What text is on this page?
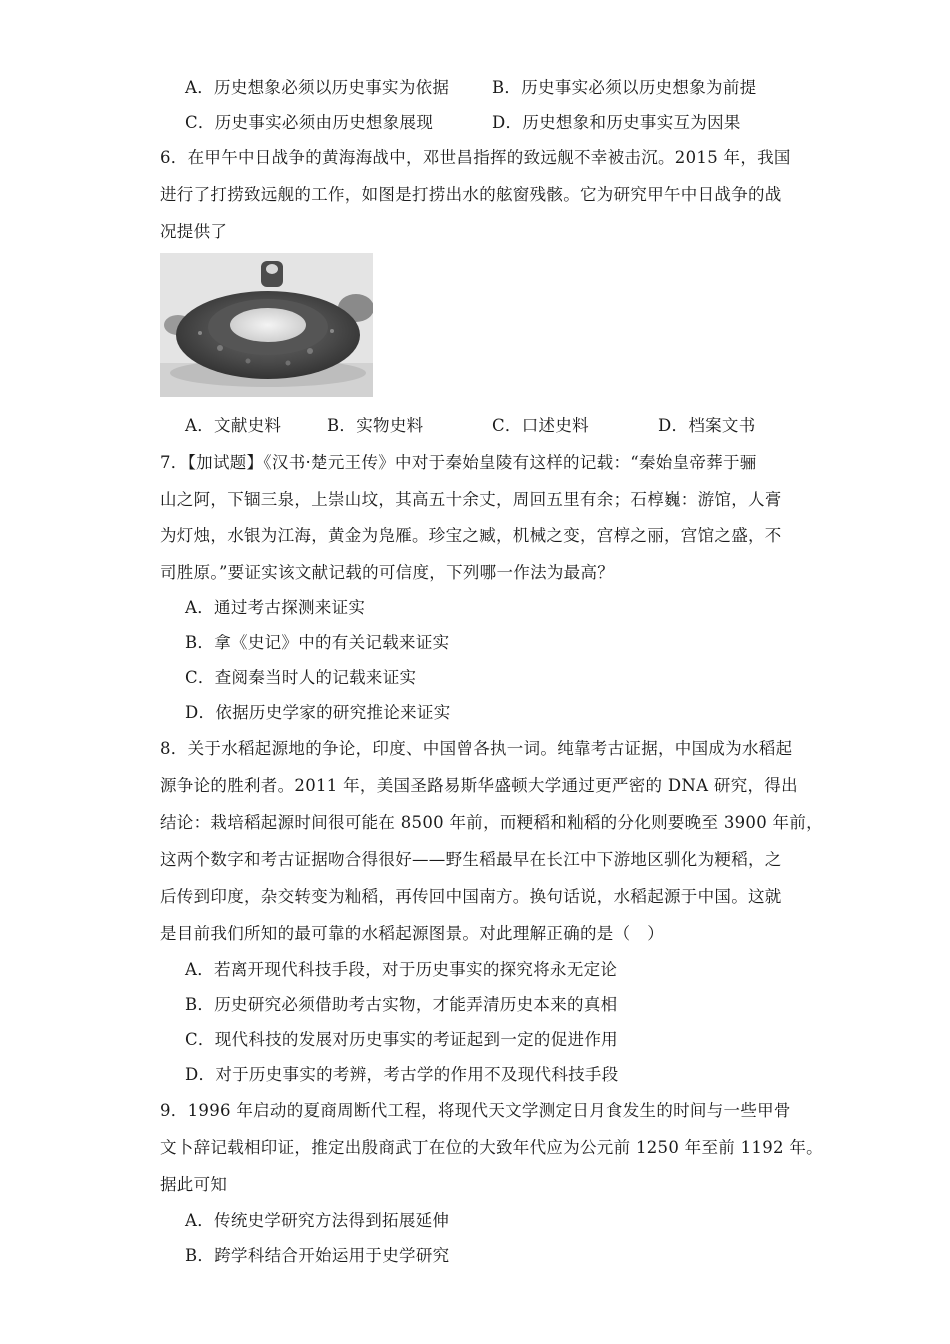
A．历史想象必须以历史事实为依据	B．历史事实必须以历史想象为前提
C．历史事实必须由历史想象展现	D．历史想象和历史事实互为因果
6．在甲午中日战争的黄海海战中，邓世昌指挥的致远舰不幸被击沉。2015 年，我国
进行了打捞致远舰的工作，如图是打捞出水的舷窗残骸。它为研究甲午中日战争的战
况提供了
A．文献史料	B．实物史料	C．口述史料	D．档案文书
7．【加试题】《汉书·楚元王传》中对于秦始皇陵有这样的记载：“秦始皇帝葬于骊
山之阿，下锢三泉，上崇山坟，其高五十余丈，周回五里有余；石椁巍：游馆，人膏
为灯烛，水银为江海，黄金为凫雁。珍宝之臧，机械之变，宫椁之丽，宫馆之盛，不
司胜原。”要证实该文献记载的可信度，下列哪一作法为最高？
A．通过考古探测来证实
B．拿《史记》中的有关记载来证实
C．查阅秦当时人的记载来证实
D．依据历史学家的研究推论来证实
8．关于水稻起源地的争论，印度、中国曾各执一词。纯靠考古证据，中国成为水稻起
源争论的胜利者。2011 年，美国圣路易斯华盛顿大学通过更严密的 DNA 研究，得出
结论：栽培稻起源时间很可能在 8500 年前，而粳稻和籼稻的分化则要晚至 3900 年前，
这两个数字和考古证据吻合得很好——野生稻最早在长江中下游地区驯化为粳稻，之
后传到印度，杂交转变为籼稻，再传回中国南方。换句话说，水稻起源于中国。这就
是目前我们所知的最可靠的水稻起源图景。对此理解正确的是（　）
A．若离开现代科技手段，对于历史事实的探究将永无定论
B．历史研究必须借助考古实物，才能弄清历史本来的真相
C．现代科技的发展对历史事实的考证起到一定的促进作用
D．对于历史事实的考辨，考古学的作用不及现代科技手段
9．1996 年启动的夏商周断代工程，将现代天文学测定日月食发生的时间与一些甲骨
文卜辞记载相印证，推定出殷商武丁在位的大致年代应为公元前 1250 年至前 1192 年。
据此可知
A．传统史学研究方法得到拓展延伸
B．跨学科结合开始运用于史学研究
